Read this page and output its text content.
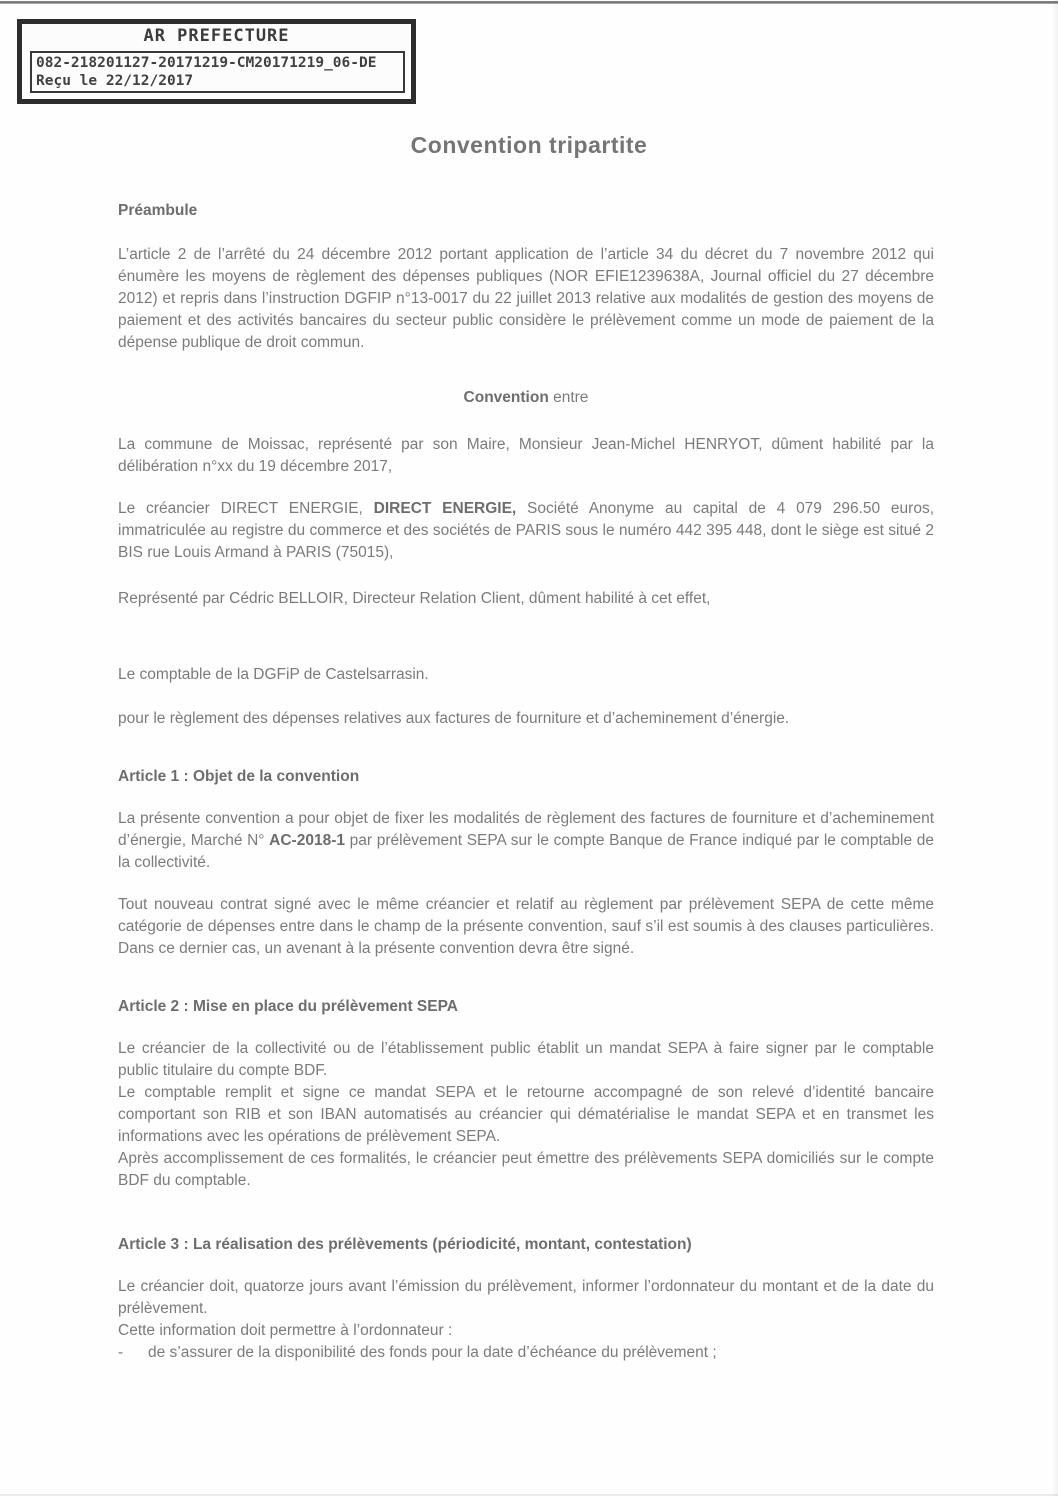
AR PREFECTURE
082-218201127-20171219-CM20171219_06-DE
Reçu le 22/12/2017
Convention tripartite
Préambule

L’article 2 de l’arrêté du 24 décembre 2012 portant application de l’article 34 du décret du 7 novembre 2012 qui énumère les moyens de règlement des dépenses publiques (NOR EFIE1239638A, Journal officiel du 27 décembre 2012) et repris dans l’instruction DGFIP n°13-0017 du 22 juillet 2013 relative aux modalités de gestion des moyens de paiement et des activités bancaires du secteur public considère le prélèvement comme un mode de paiement de la dépense publique de droit commun.

Convention entre

La commune de Moissac, représenté par son Maire, Monsieur Jean-Michel HENRYOT, dûment habilité par la délibération n°xx du 19 décembre 2017,

Le créancier DIRECT ENERGIE, DIRECT ENERGIE, Société Anonyme au capital de 4 079 296.50 euros, immatriculée au registre du commerce et des sociétés de PARIS sous le numéro 442 395 448, dont le siège est situé 2 BIS rue Louis Armand à PARIS (75015),

Représenté par Cédric BELLOIR, Directeur Relation Client, dûment habilité à cet effet,

Le comptable de la DGFiP de Castelsarrasin.

pour le règlement des dépenses relatives aux factures de fourniture et d’acheminement d’énergie.

Article 1 : Objet de la convention

La présente convention a pour objet de fixer les modalités de règlement des factures de fourniture et d’acheminement d’énergie, Marché N° AC-2018-1 par prélèvement SEPA sur le compte Banque de France indiqué par le comptable de la collectivité.

Tout nouveau contrat signé avec le même créancier et relatif au règlement par prélèvement SEPA de cette même catégorie de dépenses entre dans le champ de la présente convention, sauf s’il est soumis à des clauses particulières. Dans ce dernier cas, un avenant à la présente convention devra être signé.

Article 2 : Mise en place du prélèvement SEPA

Le créancier de la collectivité ou de l’établissement public établit un mandat SEPA à faire signer par le comptable public titulaire du compte BDF.

Le comptable remplit et signe ce mandat SEPA et le retourne accompagné de son relevé d’identité bancaire comportant son RIB et son IBAN automatisés au créancier qui dématérialise le mandat SEPA et en transmet les informations avec les opérations de prélèvement SEPA.

Après accomplissement de ces formalités, le créancier peut émettre des prélèvements SEPA domiciliés sur le compte BDF du comptable.

Article 3 : La réalisation des prélèvements (périodicité, montant, contestation)

Le créancier doit, quatorze jours avant l’émission du prélèvement, informer l’ordonnateur du montant et de la date du prélèvement.

Cette information doit permettre à l’ordonnateur :

-	de s’assurer de la disponibilité des fonds pour la date d’échéance du prélèvement ;
